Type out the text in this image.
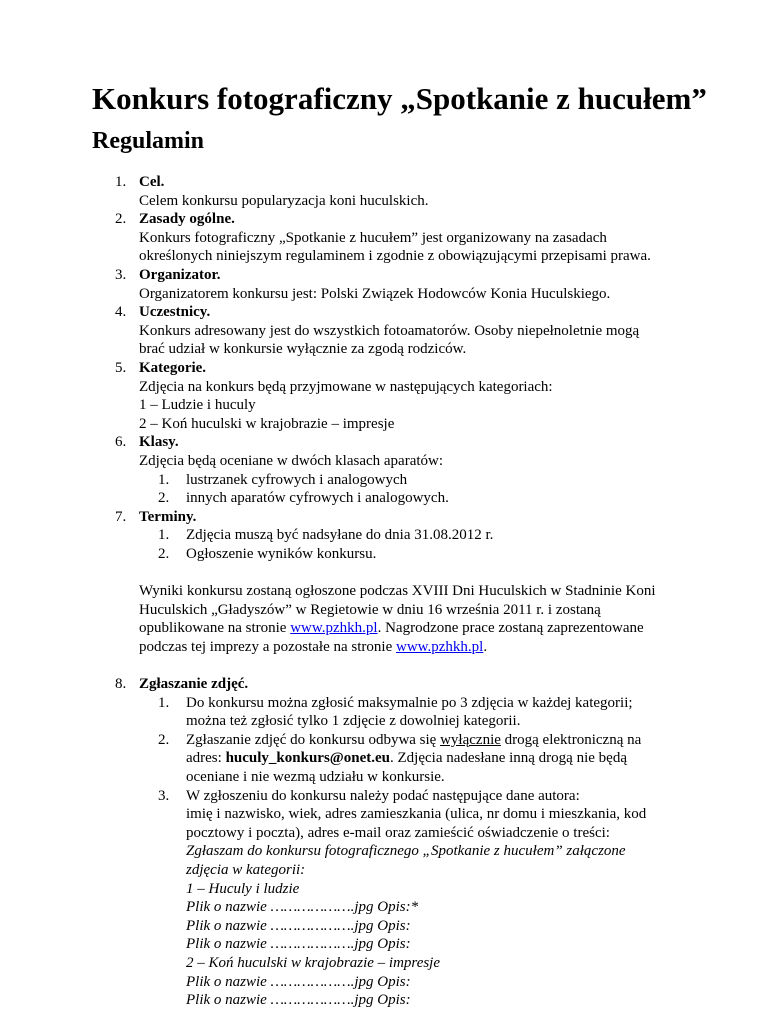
Konkurs fotograficzny „Spotkanie z hucułem”
Regulamin
1. Cel.
Celem konkursu popularyzacja koni huculskich.
2. Zasady ogólne.
Konkurs fotograficzny „Spotkanie z hucułem” jest organizowany na zasadach
określonych niniejszym regulaminem i zgodnie z obowiązującymi przepisami prawa.
3. Organizator.
Organizatorem konkursu jest: Polski Związek Hodowców Konia Huculskiego.
4. Uczestnicy.
Konkurs adresowany jest do wszystkich fotoamatorów. Osoby niepełnoletnie mogą
brać udział w konkursie wyłącznie za zgodą rodziców.
5. Kategorie.
Zdjęcia na konkurs będą przyjmowane w następujących kategoriach:
1 – Ludzie i huculy
2 – Koń huculski w krajobrazie – impresje
6. Klasy.
Zdjęcia będą oceniane w dwóch klasach aparatów:
1. lustrzanek cyfrowych i analogowych
2. innych aparatów cyfrowych i analogowych.
7. Terminy.
1. Zdjęcia muszą być nadsyłane do dnia 31.08.2012 r.
2. Ogłoszenie wyników konkursu.
Wyniki konkursu zostaną ogłoszone podczas XVIII Dni Huculskich w Stadninie Koni
Huculskich „Gładyszów” w Regietowie w dniu 16 września 2011 r. i zostaną
opublikowane na stronie www.pzhkh.pl. Nagrodzone prace zostaną zaprezentowane
podczas tej imprezy a pozostałe na stronie www.pzhkh.pl.
8. Zgłaszanie zdjęć.
1. Do konkursu można zgłosić maksymalnie po 3 zdjęcia w każdej kategorii;
można też zgłosić tylko 1 zdjęcie z dowolniej kategorii.
2. Zgłaszanie zdjęć do konkursu odbywa się wyłącznie drogą elektroniczną na
adres: huculy_konkurs@onet.eu. Zdjęcia nadesłane inną drogą nie będą
oceniane i nie wezmą udziału w konkursie.
3. W zgłoszeniu do konkursu należy podać następujące dane autora:
imię i nazwisko, wiek, adres zamieszkania (ulica, nr domu i mieszkania, kod
pocztowy i poczta), adres e-mail oraz zamieścić oświadczenie o treści:
Zgłaszam do konkursu fotograficznego „Spotkanie z hucułem” załączone
zdjęcia w kategorii:
1 – Huculy i ludzie
Plik o nazwie ……………….jpg Opis:*
Plik o nazwie ……………….jpg Opis:
Plik o nazwie ……………….jpg Opis:
2 – Koń huculski w krajobrazie – impresje
Plik o nazwie ……………….jpg Opis:
Plik o nazwie ……………….jpg Opis:
